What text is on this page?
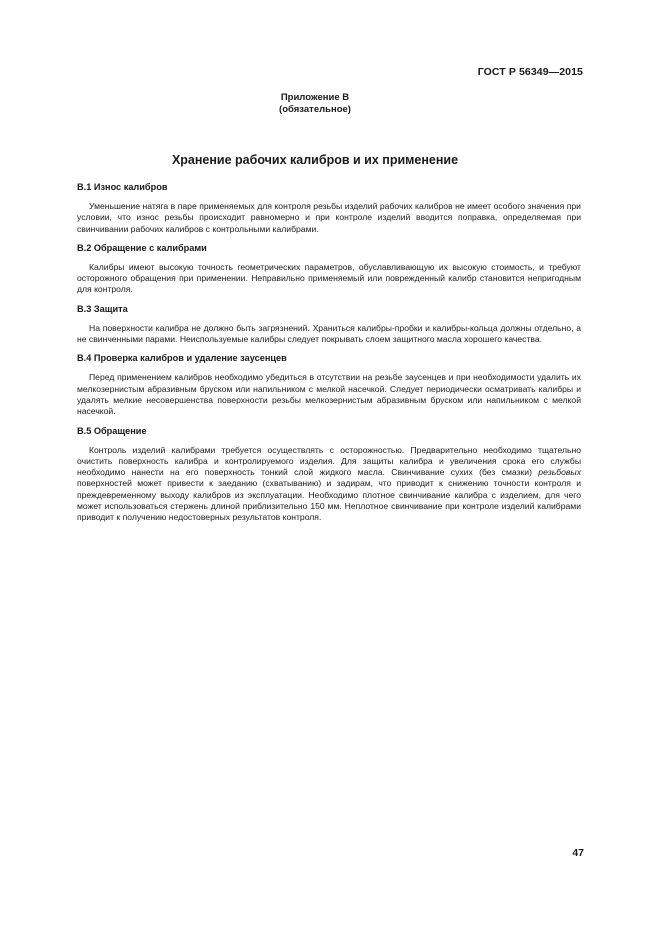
ГОСТ Р 56349—2015
Приложение В
(обязательное)
Хранение рабочих калибров и их применение
В.1 Износ калибров

Уменьшение натяга в паре применяемых для контроля резьбы изделий рабочих калибров не имеет особого значения при условии, что износ резьбы происходит равномерно и при контроле изделий вводится поправка, определяемая при свинчивании рабочих калибров с контрольными калибрами.

В.2 Обращение с калибрами

Калибры имеют высокую точность геометрических параметров, обуславливающую их высокую стоимость, и требуют осторожного обращения при применении. Неправильно применяемый или поврежденный калибр становится непригодным для контроля.

В.3 Защита

На поверхности калибра не должно быть загрязнений. Храниться калибры-пробки и калибры-кольца должны отдельно, а не свинченными парами. Неиспользуемые калибры следует покрывать слоем защитного масла хорошего качества.

В.4 Проверка калибров и удаление заусенцев

Перед применением калибров необходимо убедиться в отсутствии на резьбе заусенцев и при необходимости удалить их мелкозернистым абразивным бруском или напильником с мелкой насечкой. Следует периодически осматривать калибры и удалять мелкие несовершенства поверхности резьбы мелкозернистым абразивным бруском или напильником с мелкой насечкой.

В.5 Обращение

Контроль изделий калибрами требуется осуществлять с осторожностью. Предварительно необходимо тщательно очистить поверхность калибра и контролируемого изделия. Для защиты калибра и увеличения срока его службы необходимо нанести на его поверхность тонкий слой жидкого масла. Свинчивание сухих (без смазки) резьбовых поверхностей может привести к заеданию (схватыванию) и задирам, что приводит к снижению точности контроля и преждевременному выходу калибров из эксплуатации. Необходимо плотное свинчивание калибра с изделием, для чего может использоваться стержень длиной приблизительно 150 мм. Неплотное свинчивание при контроле изделий калибрами приводит к получению недостоверных результатов контроля.

47
